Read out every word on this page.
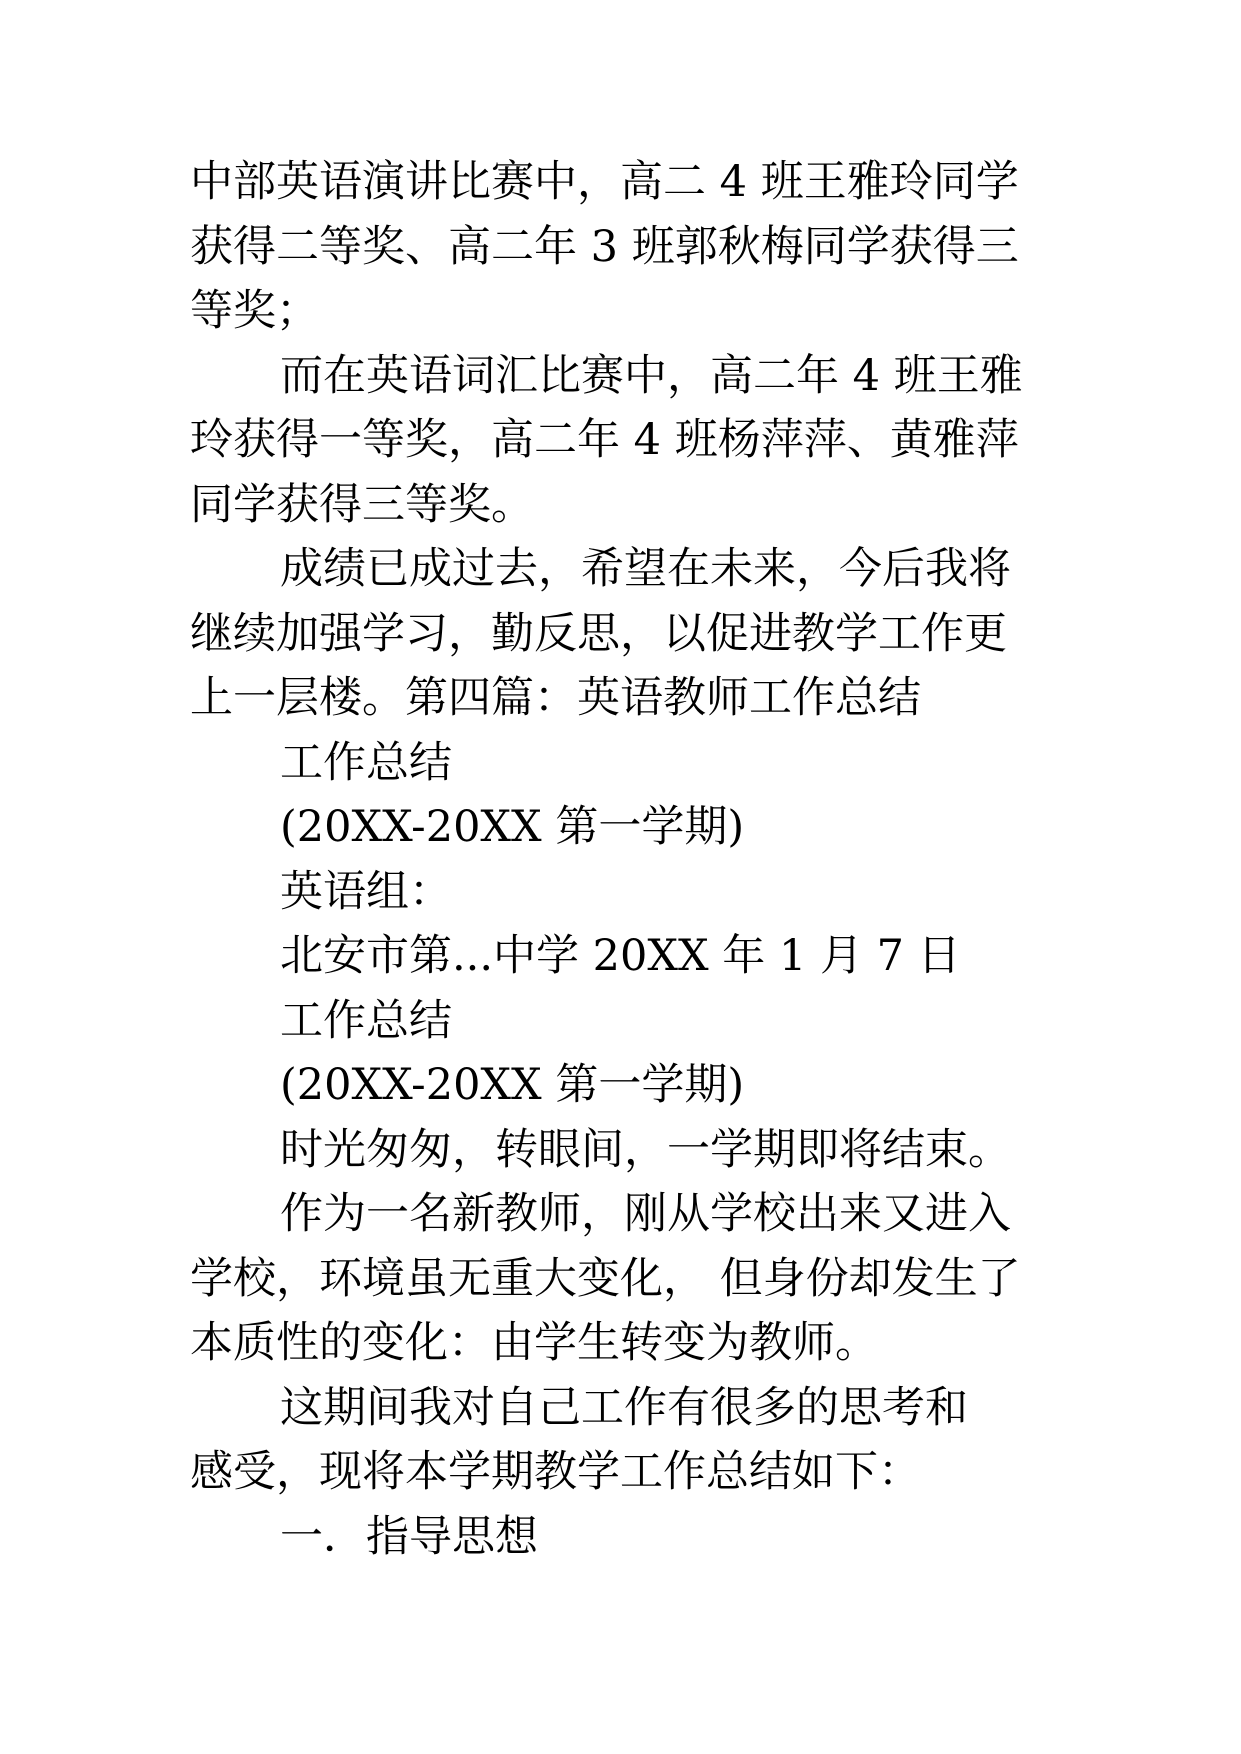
中部英语演讲比赛中，高二 4 班王雅玲同学
获得二等奖、高二年 3 班郭秋梅同学获得三
等奖；
而在英语词汇比赛中，高二年 4 班王雅
玲获得一等奖，高二年 4 班杨萍萍、黄雅萍
同学获得三等奖。
成绩已成过去，希望在未来，今后我将
继续加强学习，勤反思，以促进教学工作更
上一层楼。第四篇：英语教师工作总结
工作总结
(20XX-20XX 第一学期)
英语组：
北安市第...中学 20XX 年 1 月 7 日
工作总结
(20XX-20XX 第一学期)
时光匆匆，转眼间，一学期即将结束。
作为一名新教师，刚从学校出来又进入
学校，环境虽无重大变化， 但身份却发生了
本质性的变化：由学生转变为教师。
这期间我对自己工作有很多的思考和
感受，现将本学期教学工作总结如下：
一．指导思想
